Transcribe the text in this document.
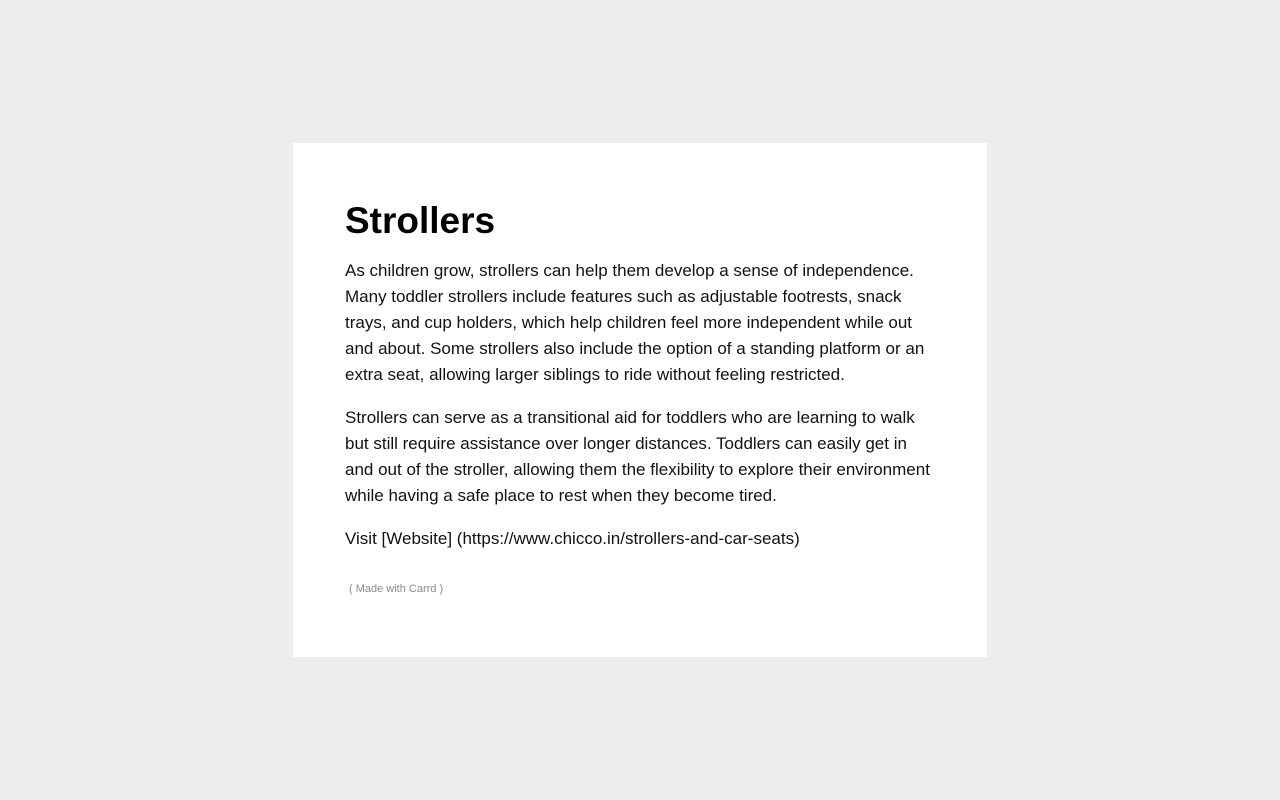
Strollers

As children grow, strollers can help them develop a sense of independence. Many toddler strollers include features such as adjustable footrests, snack trays, and cup holders, which help children feel more independent while out and about. Some strollers also include the option of a standing platform or an extra seat, allowing larger siblings to ride without feeling restricted.

Strollers can serve as a transitional aid for toddlers who are learning to walk but still require assistance over longer distances. Toddlers can easily get in and out of the stroller, allowing them the flexibility to explore their environment while having a safe place to rest when they become tired.

Visit [Website] (https://www.chicco.in/strollers-and-car-seats)

( Made with Carrd )
